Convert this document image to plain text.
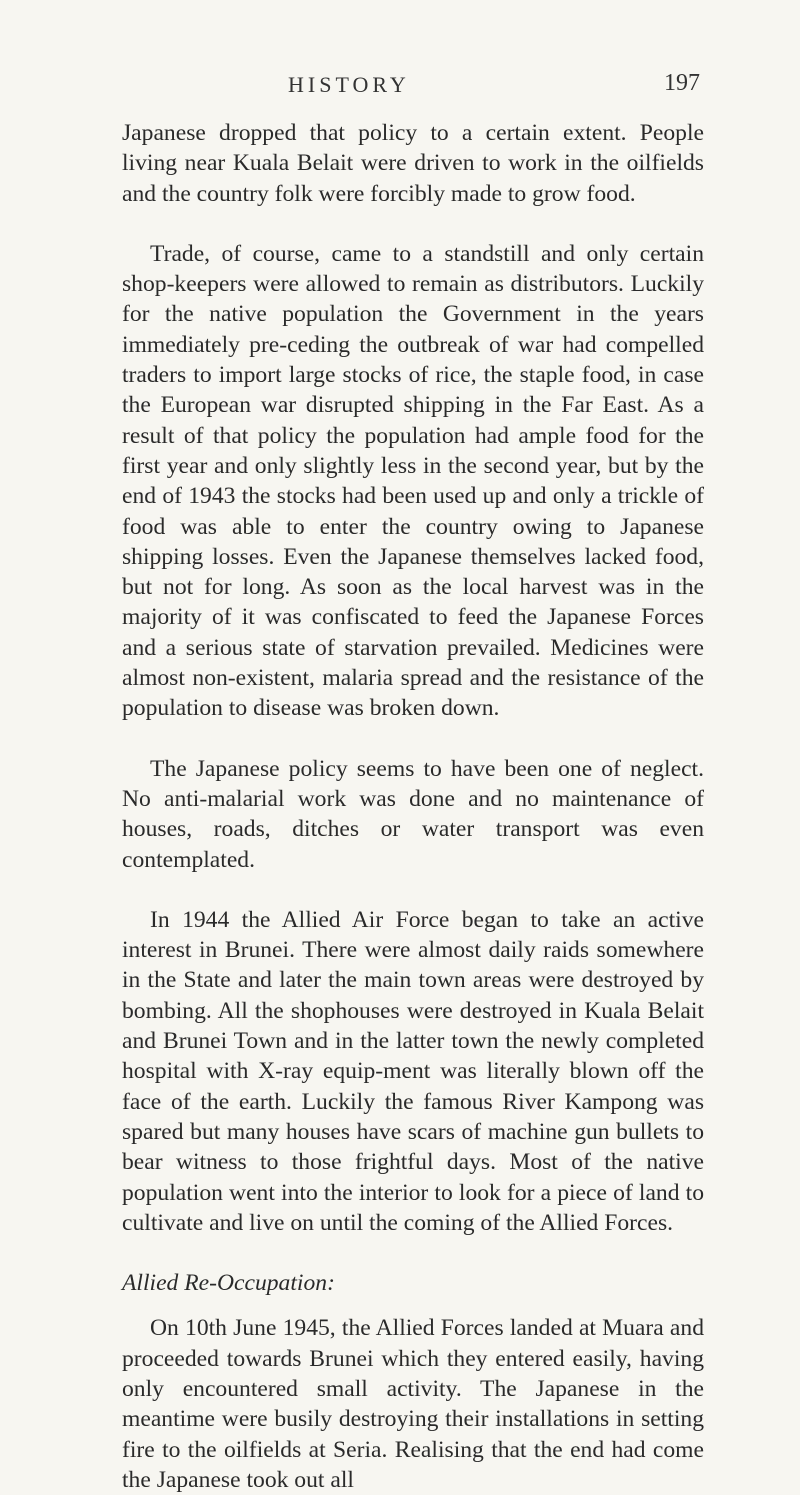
HISTORY	197

Japanese dropped that policy to a certain extent. People living near Kuala Belait were driven to work in the oilfields and the country folk were forcibly made to grow food.

Trade, of course, came to a standstill and only certain shop-keepers were allowed to remain as distributors. Luckily for the native population the Government in the years immediately pre-ceding the outbreak of war had compelled traders to import large stocks of rice, the staple food, in case the European war disrupted shipping in the Far East. As a result of that policy the population had ample food for the first year and only slightly less in the second year, but by the end of 1943 the stocks had been used up and only a trickle of food was able to enter the country owing to Japanese shipping losses. Even the Japanese themselves lacked food, but not for long. As soon as the local harvest was in the majority of it was confiscated to feed the Japanese Forces and a serious state of starvation prevailed. Medicines were almost non-existent, malaria spread and the resistance of the population to disease was broken down.

The Japanese policy seems to have been one of neglect. No anti-malarial work was done and no maintenance of houses, roads, ditches or water transport was even contemplated.

In 1944 the Allied Air Force began to take an active interest in Brunei. There were almost daily raids somewhere in the State and later the main town areas were destroyed by bombing. All the shophouses were destroyed in Kuala Belait and Brunei Town and in the latter town the newly completed hospital with X-ray equip-ment was literally blown off the face of the earth. Luckily the famous River Kampong was spared but many houses have scars of machine gun bullets to bear witness to those frightful days. Most of the native population went into the interior to look for a piece of land to cultivate and live on until the coming of the Allied Forces.

Allied Re-Occupation:

On 10th June 1945, the Allied Forces landed at Muara and proceeded towards Brunei which they entered easily, having only encountered small activity. The Japanese in the meantime were busily destroying their installations in setting fire to the oilfields at Seria. Realising that the end had come the Japanese took out all
